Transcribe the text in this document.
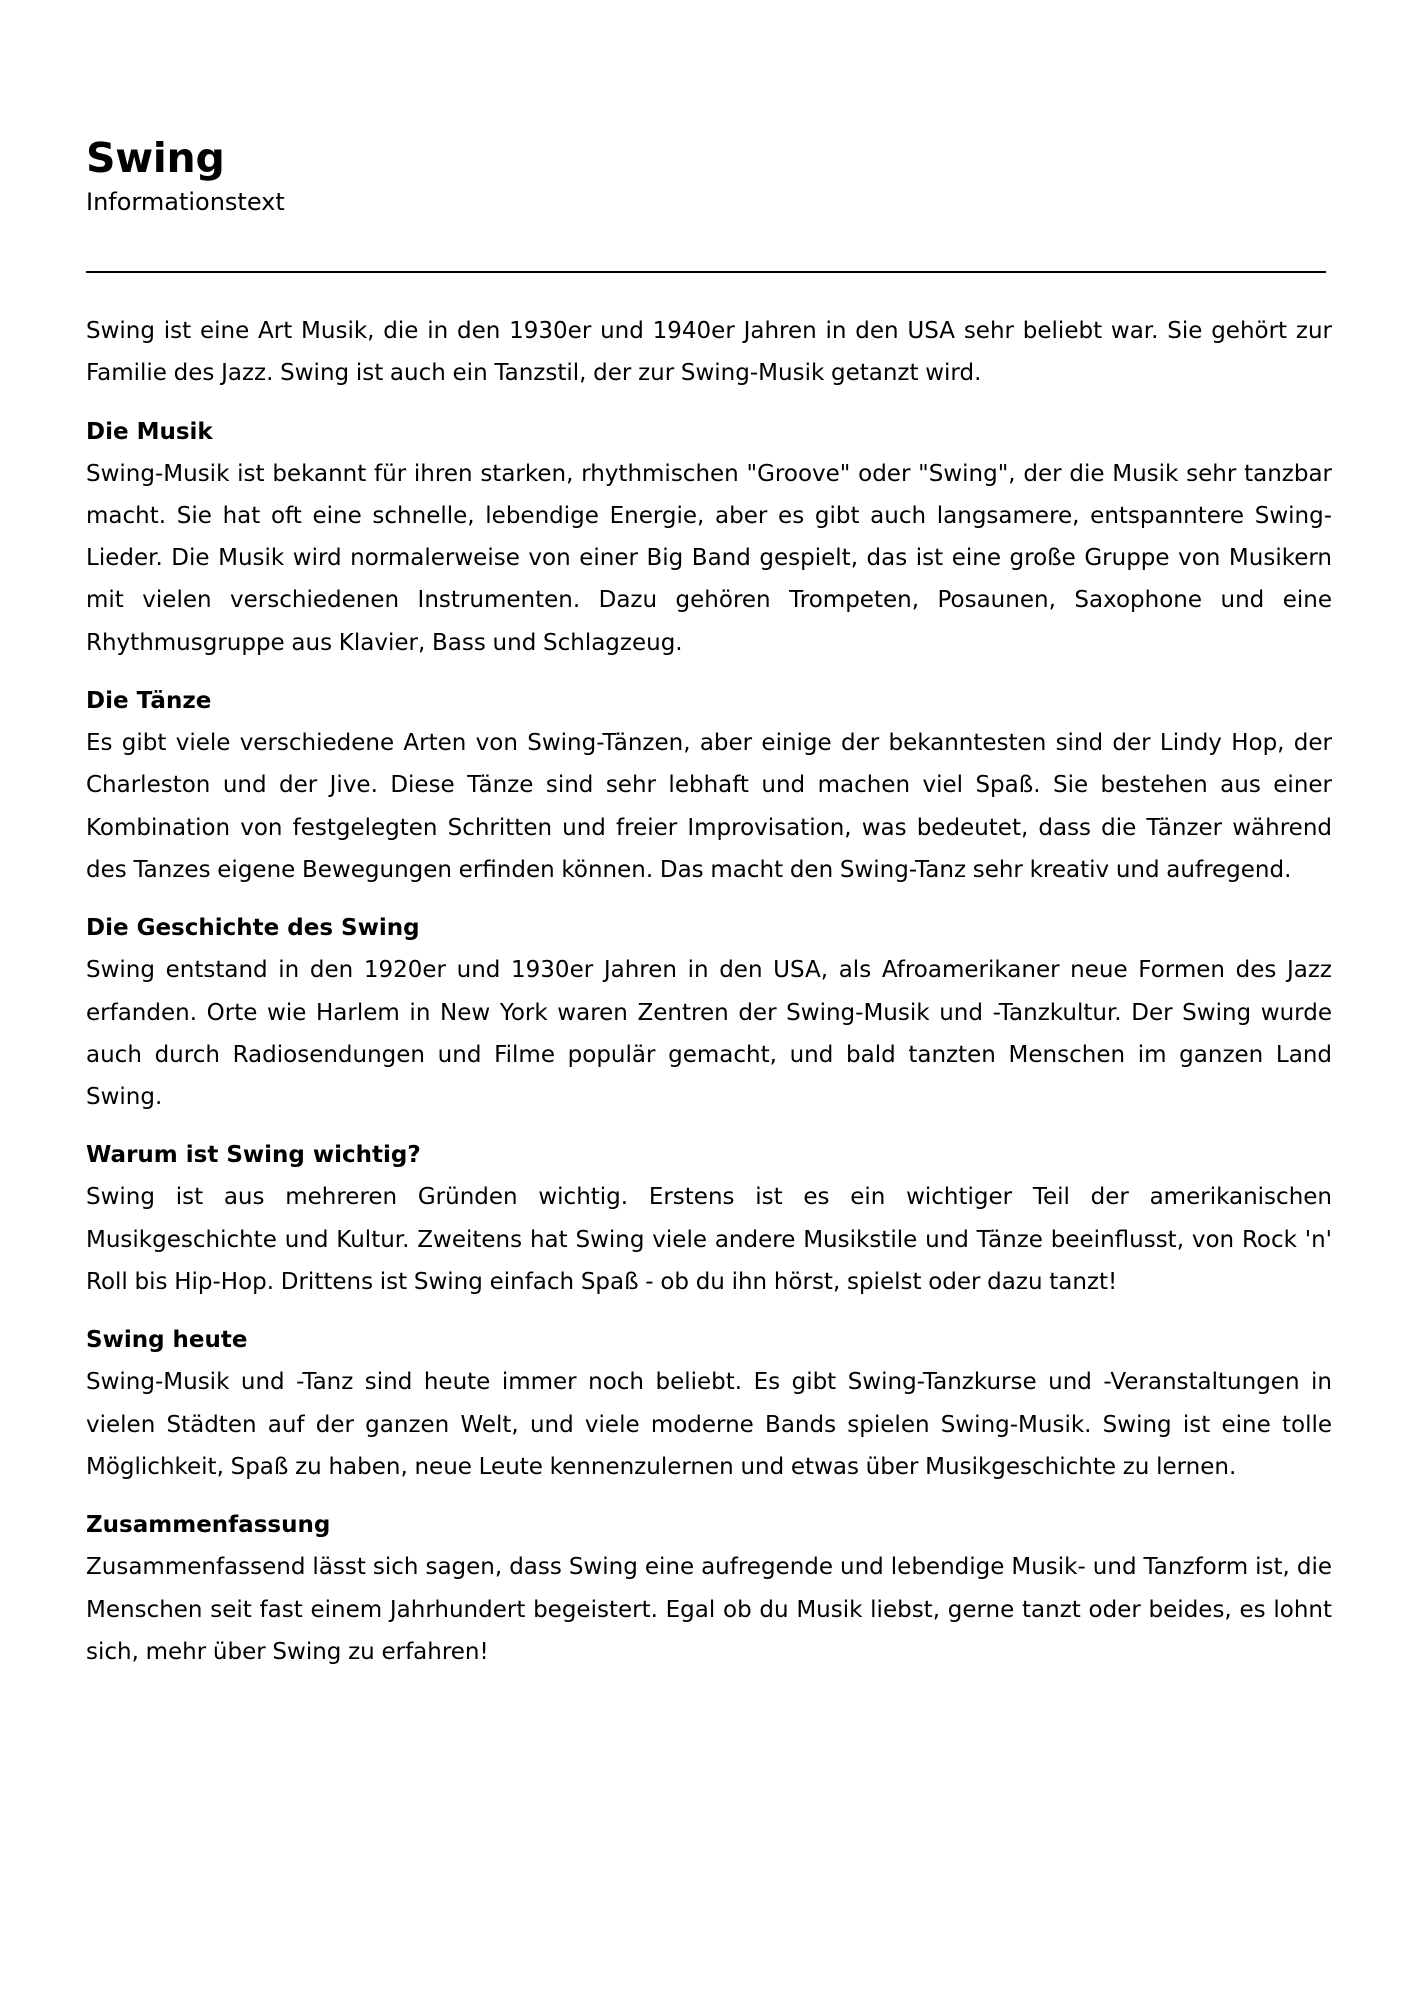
Swing
Informationstext

Swing ist eine Art Musik, die in den 1930er und 1940er Jahren in den USA sehr beliebt war. Sie gehört zur Familie des Jazz. Swing ist auch ein Tanzstil, der zur Swing-Musik getanzt wird.

Die Musik

Swing-Musik ist bekannt für ihren starken, rhythmischen "Groove" oder "Swing", der die Musik sehr tanzbar macht. Sie hat oft eine schnelle, lebendige Energie, aber es gibt auch langsamere, entspanntere Swing-Lieder. Die Musik wird normalerweise von einer Big Band gespielt, das ist eine große Gruppe von Musikern mit vielen verschiedenen Instrumenten. Dazu gehören Trompeten, Posaunen, Saxophone und eine Rhythmusgruppe aus Klavier, Bass und Schlagzeug.

Die Tänze

Es gibt viele verschiedene Arten von Swing-Tänzen, aber einige der bekanntesten sind der Lindy Hop, der Charleston und der Jive. Diese Tänze sind sehr lebhaft und machen viel Spaß. Sie bestehen aus einer Kombination von festgelegten Schritten und freier Improvisation, was bedeutet, dass die Tänzer während des Tanzes eigene Bewegungen erfinden können. Das macht den Swing-Tanz sehr kreativ und aufregend.

Die Geschichte des Swing

Swing entstand in den 1920er und 1930er Jahren in den USA, als Afroamerikaner neue Formen des Jazz erfanden. Orte wie Harlem in New York waren Zentren der Swing-Musik und -Tanzkultur. Der Swing wurde auch durch Radiosendungen und Filme populär gemacht, und bald tanzten Menschen im ganzen Land Swing.

Warum ist Swing wichtig?

Swing ist aus mehreren Gründen wichtig. Erstens ist es ein wichtiger Teil der amerikanischen Musikgeschichte und Kultur. Zweitens hat Swing viele andere Musikstile und Tänze beeinflusst, von Rock 'n' Roll bis Hip-Hop. Drittens ist Swing einfach Spaß - ob du ihn hörst, spielst oder dazu tanzt!

Swing heute

Swing-Musik und -Tanz sind heute immer noch beliebt. Es gibt Swing-Tanzkurse und -Veranstaltungen in vielen Städten auf der ganzen Welt, und viele moderne Bands spielen Swing-Musik. Swing ist eine tolle Möglichkeit, Spaß zu haben, neue Leute kennenzulernen und etwas über Musikgeschichte zu lernen.

Zusammenfassung

Zusammenfassend lässt sich sagen, dass Swing eine aufregende und lebendige Musik- und Tanzform ist, die Menschen seit fast einem Jahrhundert begeistert. Egal ob du Musik liebst, gerne tanzt oder beides, es lohnt sich, mehr über Swing zu erfahren!
